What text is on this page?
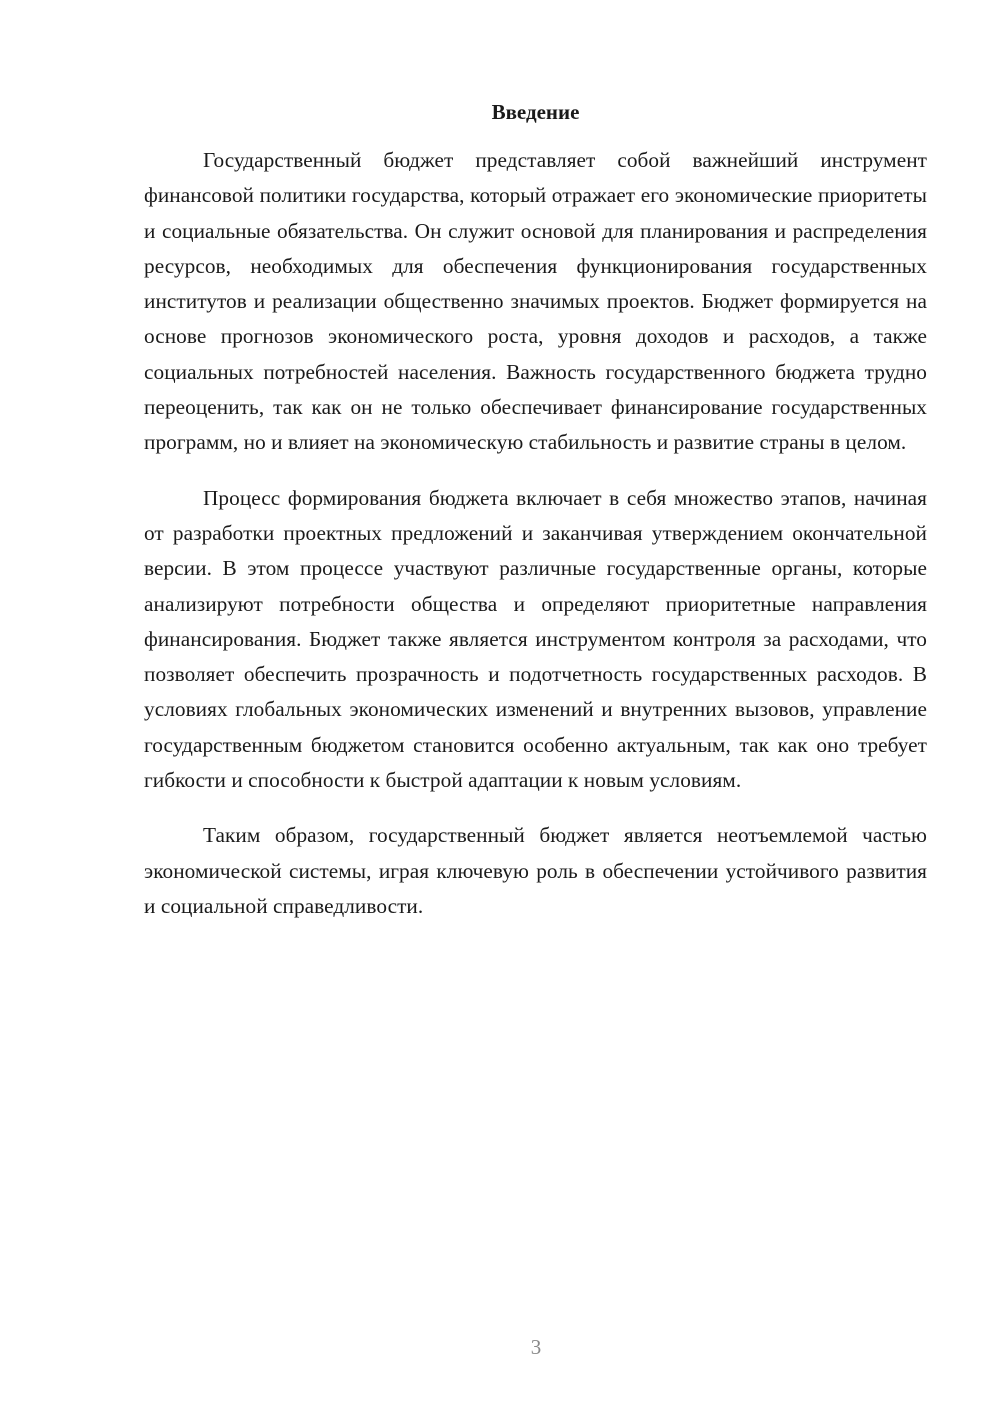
Введение

Государственный бюджет представляет собой важнейший инструмент финансовой политики государства, который отражает его экономические приоритеты и социальные обязательства. Он служит основой для планирования и распределения ресурсов, необходимых для обеспечения функционирования государственных институтов и реализации общественно значимых проектов. Бюджет формируется на основе прогнозов экономического роста, уровня доходов и расходов, а также социальных потребностей населения. Важность государственного бюджета трудно переоценить, так как он не только обеспечивает финансирование государственных программ, но и влияет на экономическую стабильность и развитие страны в целом.

Процесс формирования бюджета включает в себя множество этапов, начиная от разработки проектных предложений и заканчивая утверждением окончательной версии. В этом процессе участвуют различные государственные органы, которые анализируют потребности общества и определяют приоритетные направления финансирования. Бюджет также является инструментом контроля за расходами, что позволяет обеспечить прозрачность и подотчетность государственных расходов. В условиях глобальных экономических изменений и внутренних вызовов, управление государственным бюджетом становится особенно актуальным, так как оно требует гибкости и способности к быстрой адаптации к новым условиям.

Таким образом, государственный бюджет является неотъемлемой частью экономической системы, играя ключевую роль в обеспечении устойчивого развития и социальной справедливости.

3
